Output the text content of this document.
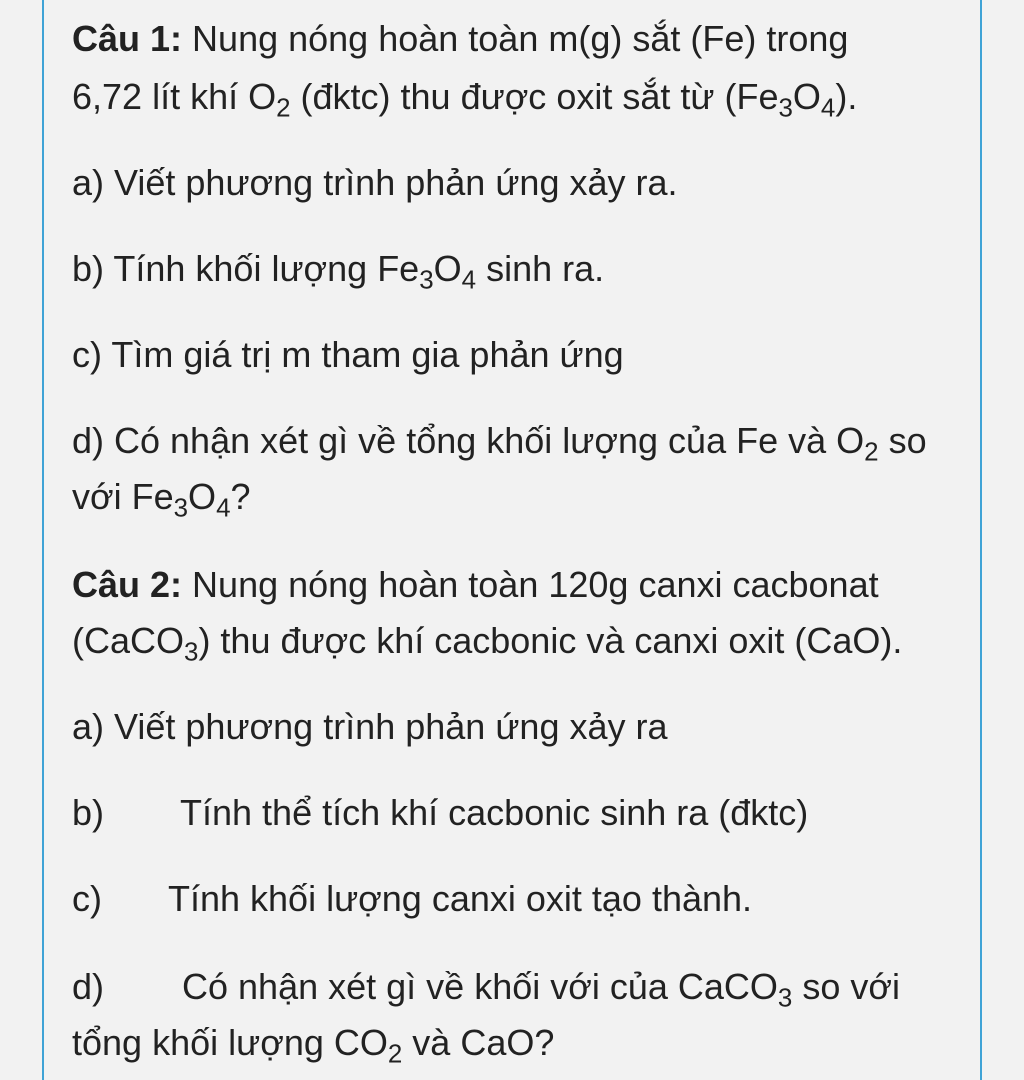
Câu 1: Nung nóng hoàn toàn m(g) sắt (Fe) trong
6,72 lít khí $O_2$ (đktc) thu được oxit sắt từ $(Fe_3O_4)$.
a) Viết phương trình phản ứng xảy ra.
b) Tính khối lượng $Fe_3O_4$ sinh ra.
c) Tìm giá trị m tham gia phản ứng
d) Có nhận xét gì về tổng khối lượng của Fe và $O_2$ so
với $Fe_3O_4$?
Câu 2: Nung nóng hoàn toàn 120g canxi cacbonat
(CaCO$_3$) thu được khí cacbonic và canxi oxit (CaO).
a) Viết phương trình phản ứng xảy ra
b) Tính thể tích khí cacbonic sinh ra (đktc)
c) Tính khối lượng canxi oxit tạo thành.
d) Có nhận xét gì về khối với của CaCO$_3$ so với
tổng khối lượng $CO_2$ và CaO?
